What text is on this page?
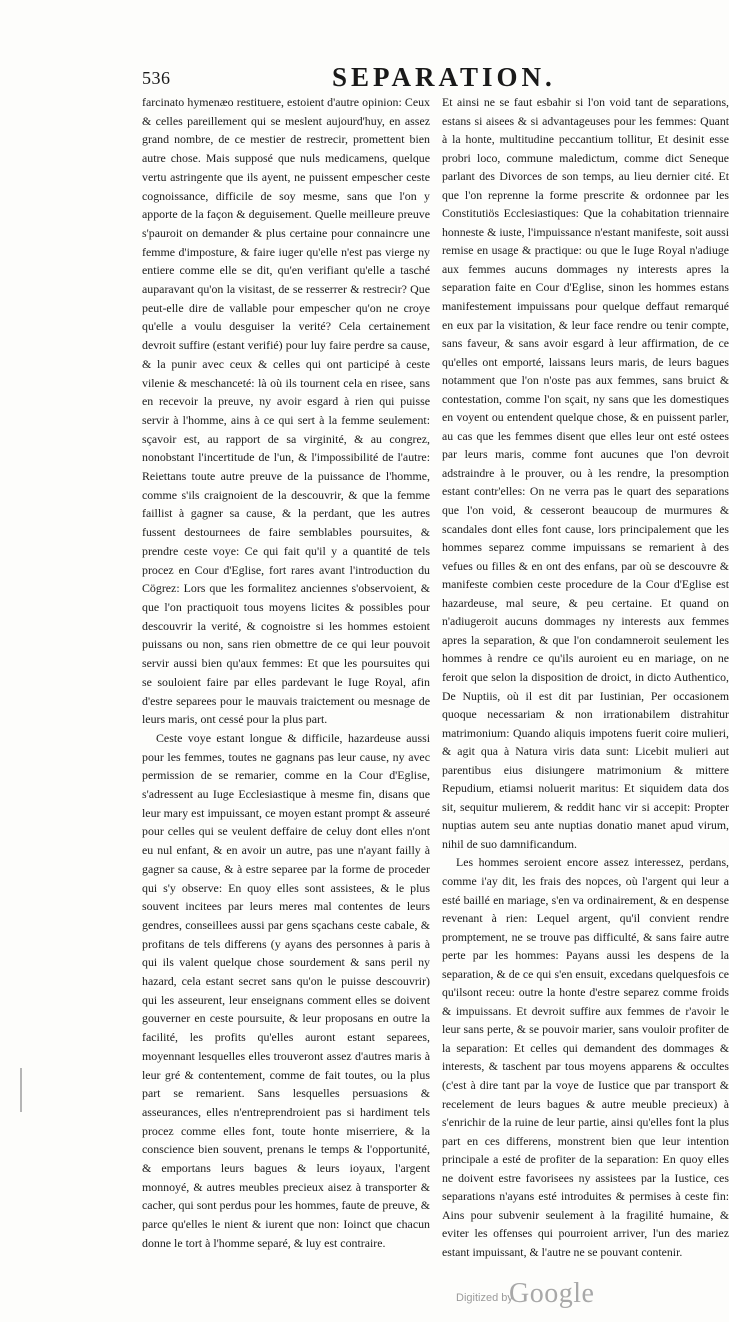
536	SEPARATION.

farcinato hymenæo restituere, estoient d'autre opinion: Ceux & celles pareillement qui se meslent aujourd'huy, en assez grand nombre, de ce mestier de restrecir, promettent bien autre chose. Mais supposé que nuls medicamens, quelque vertu astringente que ils ayent, ne puissent empescher ceste cognoissance, difficile de soy mesme, sans que l'on y apporte de la façon & deguisement. Quelle meilleure preuve s'pauroit on demander & plus certaine pour connaincre une femme d'imposture, & faire iuger qu'elle n'est pas vierge ny entiere comme elle se dit, qu'en verifiant qu'elle a tasché auparavant qu'on la visitast, de se resserrer & restrecir? Que peut-elle dire de vallable pour empescher qu'on ne croye qu'elle a voulu desguiser la verité? Cela certainement devroit suffire (estant verifié) pour luy faire perdre sa cause, & la punir avec ceux & celles qui ont participé à ceste vilenie & meschanceté: là où ils tournent cela en risee, sans en recevoir la preuve, ny avoir esgard à rien qui puisse servir à l'homme, ains à ce qui sert à la femme seulement: sçavoir est, au rapport de sa virginité, & au congrez, nonobstant l'incertitude de l'un, & l'impossibilité de l'autre: Reiettans toute autre preuve de la puissance de l'homme, comme s'ils craignoient de la descouvrir, & que la femme faillist à gagner sa cause, & la perdant, que les autres fussent destournees de faire semblables poursuites, & prendre ceste voye: Ce qui fait qu'il y a quantité de tels procez en Cour d'Eglise, fort rares avant l'introduction du Cögrez: Lors que les formalitez anciennes s'observoient, & que l'on practiquoit tous moyens licites & possibles pour descouvrir la verité, & cognoistre si les hommes estoient puissans ou non, sans rien obmettre de ce qui leur pouvoit servir aussi bien qu'aux femmes: Et que les poursuites qui se souloient faire par elles pardevant le Iuge Royal, afin d'estre separees pour le mauvais traictement ou mesnage de leurs maris, ont cessé pour la plus part.

Ceste voye estant longue & difficile, hazardeuse aussi pour les femmes, toutes ne gagnans pas leur cause, ny avec permission de se remarier, comme en la Cour d'Eglise, s'adressent au Iuge Ecclesiastique à mesme fin, disans que leur mary est impuissant, ce moyen estant prompt & asseuré pour celles qui se veulent deffaire de celuy dont elles n'ont eu nul enfant, & en avoir un autre, pas une n'ayant failly à gagner sa cause, & à estre separee par la forme de proceder qui s'y observe: En quoy elles sont assistees, & le plus souvent incitees par leurs meres mal contentes de leurs gendres, conseillees aussi par gens sçachans ceste cabale, & profitans de tels differens (y ayans des personnes à paris à qui ils valent quelque chose sourdement & sans peril ny hazard, cela estant secret sans qu'on le puisse descouvrir) qui les asseurent, leur enseignans comment elles se doivent gouverner en ceste poursuite, & leur proposans en outre la facilité, les profits qu'elles auront estant separees, moyennant lesquelles elles trouveront assez d'autres maris à leur gré & contentement, comme de fait toutes, ou la plus part se remarient. Sans lesquelles persuasions & asseurances, elles n'entreprendroient pas si hardiment tels procez comme elles font, toute honte miserriere, & la conscience bien souvent, prenans le temps & l'opportunité, & emportans leurs bagues & leurs ioyaux, l'argent monnoyé, & autres meubles precieux aisez à transporter & cacher, qui sont perdus pour les hommes, faute de preuve, & parce qu'elles le nient & iurent que non: Ioinct que chacun donne le tort à l'homme separé, & luy est contraire.

Et ainsi ne se faut esbahir si l'on void tant de separations, estans si aisees & si advantageuses pour les femmes: Quant à la honte, multitudine peccantium tollitur, Et desinit esse probri loco, commune maledictum, comme dict Seneque parlant des Divorces de son temps, au lieu dernier cité. Et que l'on reprenne la forme prescrite & ordonnee par les Constitutiös Ecclesiastiques: Que la cohabitation triennaire honneste & iuste, l'impuissance n'estant manifeste, soit aussi remise en usage & practique: ou que le Iuge Royal n'adiuge aux femmes aucuns dommages ny interests apres la separation faite en Cour d'Eglise, sinon les hommes estans manifestement impuissans pour quelque deffaut remarqué en eux par la visitation, & leur face rendre ou tenir compte, sans faveur, & sans avoir esgard à leur affirmation, de ce qu'elles ont emporté, laissans leurs maris, de leurs bagues notamment que l'on n'oste pas aux femmes, sans bruict & contestation, comme l'on sçait, ny sans que les domestiques en voyent ou entendent quelque chose, & en puissent parler, au cas que les femmes disent que elles leur ont esté ostees par leurs maris, comme font aucunes que l'on devroit adstraindre à le prouver, ou à les rendre, la presomption estant contr'elles: On ne verra pas le quart des separations que l'on void, & cesseront beaucoup de murmures & scandales dont elles font cause, lors principalement que les hommes separez comme impuissans se remarient à des vefues ou filles & en ont des enfans, par où se descouvre & manifeste combien ceste procedure de la Cour d'Eglise est hazardeuse, mal seure, & peu certaine. Et quand on n'adiugeroit aucuns dommages ny interests aux femmes apres la separation, & que l'on condamneroit seulement les hommes à rendre ce qu'ils auroient eu en mariage, on ne feroit que selon la disposition de droict, in dicto Authentico, De Nuptiis, où il est dit par Iustinian, Per occasionem quoque necessariam & non irrationabilem distrahitur matrimonium: Quando aliquis impotens fuerit coire mulieri, & agit qua à Natura viris data sunt: Licebit mulieri aut parentibus eius disiungere matrimonium & mittere Repudium, etiamsi noluerit maritus: Et siquidem data dos sit, sequitur mulierem, & reddit hanc vir si accepit: Propter nuptias autem seu ante nuptias donatio manet apud virum, nihil de suo damnificandum.

Les hommes seroient encore assez interessez, perdans, comme i'ay dit, les frais des nopces, où l'argent qui leur a esté baillé en mariage, s'en va ordinairement, & en despense revenant à rien: Lequel argent, qu'il convient rendre promptement, ne se trouve pas difficulté, & sans faire autre perte par les hommes: Payans aussi les despens de la separation, & de ce qui s'en ensuit, excedans quelquesfois ce qu'ilsont receu: outre la honte d'estre separez comme froids & impuissans. Et devroit suffire aux femmes de r'avoir le leur sans perte, & se pouvoir marier, sans vouloir profiter de la separation: Et celles qui demandent des dommages & interests, & taschent par tous moyens apparens & occultes (c'est à dire tant par la voye de Iustice que par transport & recelement de leurs bagues & autre meuble precieux) à s'enrichir de la ruine de leur partie, ainsi qu'elles font la plus part en ces differens, monstrent bien que leur intention principale a esté de profiter de la separation: En quoy elles ne doivent estre favorisees ny assistees par la Iustice, ces separations n'ayans esté introduites & permises à ceste fin: Ains pour subvenir seulement à la fragilité humaine, & eviter les offenses qui pourroient arriver, l'un des mariez estant impuissant, & l'autre ne se pouvant contenir.

Digitized by
Google
